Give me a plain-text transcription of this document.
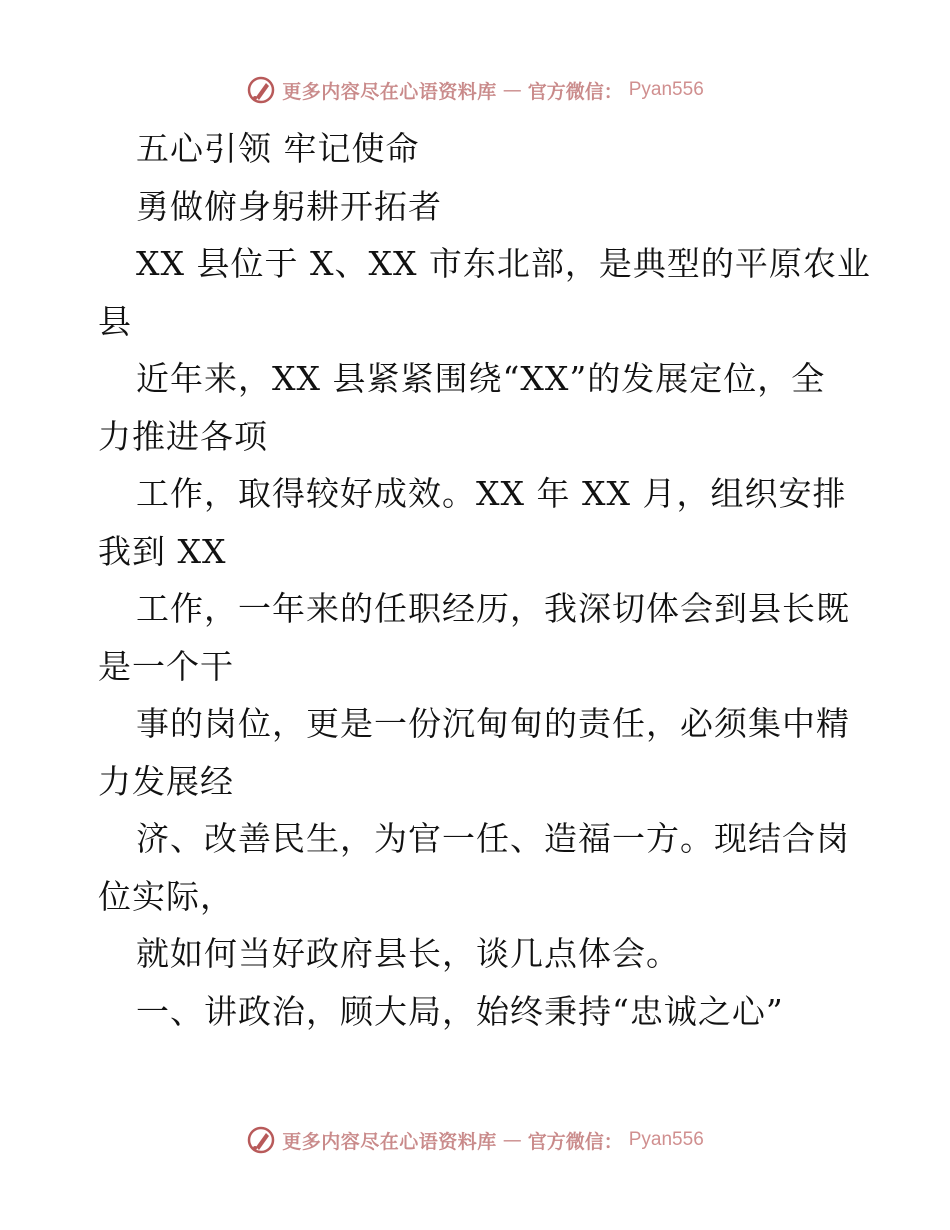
更多内容尽在心语资料库 — 官方微信： Pyan556
五心引领 牢记使命
勇做俯身躬耕开拓者
XX 县位于 X、XX 市东北部，是典型的平原农业
县
近年来，XX 县紧紧围绕“XX”的发展定位，全
力推进各项
工作，取得较好成效。XX 年 XX 月，组织安排
我到 XX
工作，一年来的任职经历，我深切体会到县长既
是一个干
事的岗位，更是一份沉甸甸的责任，必须集中精
力发展经
济、改善民生，为官一任、造福一方。现结合岗
位实际，
就如何当好政府县长，谈几点体会。
一、讲政治，顾大局，始终秉持“忠诚之心”
更多内容尽在心语资料库 — 官方微信： Pyan556
